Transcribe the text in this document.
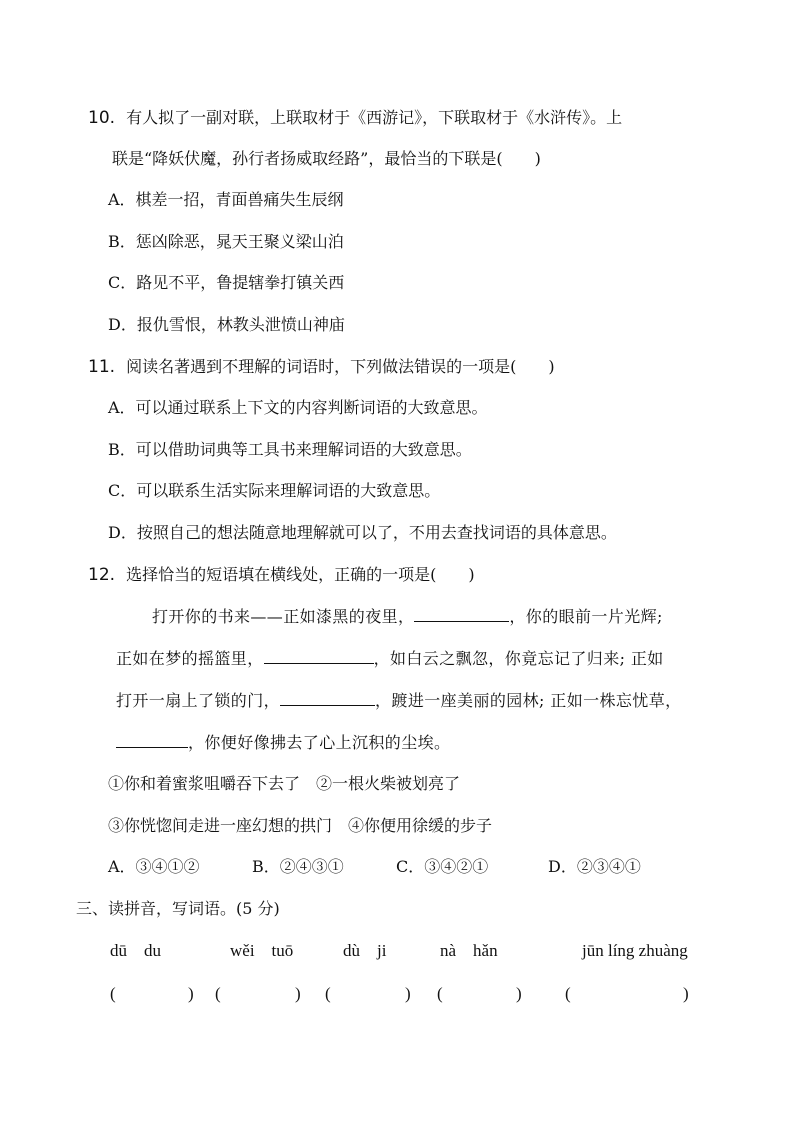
10. 有人拟了一副对联，上联取材于《西游记》，下联取材于《水浒传》。上
联是“降妖伏魔，孙行者扬威取经路”，最恰当的下联是(　　)
A．棋差一招，青面兽痛失生辰纲
B．惩凶除恶，晁天王聚义梁山泊
C．路见不平，鲁提辖拳打镇关西
D．报仇雪恨，林教头泄愤山神庙
11. 阅读名著遇到不理解的词语时，下列做法错误的一项是(　　)
A．可以通过联系上下文的内容判断词语的大致意思。
B．可以借助词典等工具书来理解词语的大致意思。
C．可以联系生活实际来理解词语的大致意思。
D．按照自己的想法随意地理解就可以了，不用去查找词语的具体意思。
12. 选择恰当的短语填在横线处，正确的一项是(　　)
打开你的书来——正如漆黑的夜里，	，你的眼前一片光辉;
正如在梦的摇篮里，	，如白云之飘忽，你竟忘记了归来; 正如
打开一扇上了锁的门，	，踱进一座美丽的园林; 正如一株忘忧草，
，你便好像拂去了心上沉积的尘埃。
①你和着蜜浆咀嚼吞下去了　②一根火柴被划亮了
③你恍惚间走进一座幻想的拱门　④你便用徐缓的步子
A．③④①②	B．②④③①	C．③④②①	D．②③④①
三、读拼音，写词语。(5 分)
dū　du	wěi　tuō	dù　ji	nà　hǎn	jūn líng zhuàng
(	) (	) (	) (	)	(	)
